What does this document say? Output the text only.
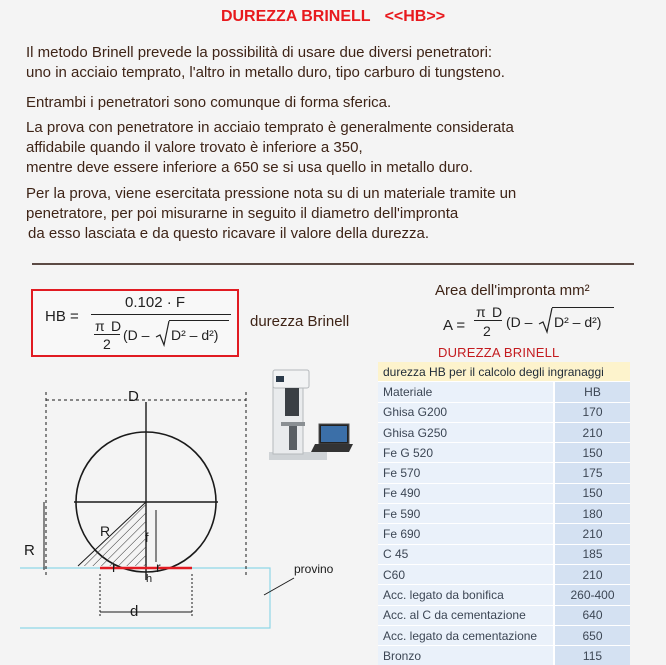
DUREZZA BRINELL <<HB>>
Il metodo Brinell prevede la possibilità di usare due diversi penetratori:
uno in acciaio temprato, l'altro in metallo duro, tipo carburo di tungsteno.
Entrambi i penetratori sono comunque di forma sferica.
La prova con penetratore in acciaio temprato è generalmente considerata
affidabile quando il valore trovato è inferiore a 350,
mentre deve essere inferiore a 650 se si usa quello in metallo duro.
Per la prova, viene esercitata pressione nota su di un materiale tramite un
penetratore, per poi misurarne in seguito il diametro dell'impronta
da esso lasciata e da questo ricavare il valore della durezza.
HB =
0.102 · F
π D
2
(D – D² – d²)
durezza Brinell
Area dell'impronta mm²
A =
π D
2
(D – D² – d²)
DUREZZA BRINELL
durezza HB per il calcolo degli ingranaggi	
Materiale	HB
Ghisa G200	170
Ghisa G250	210
Fe G 520	150
Fe 570	175
Fe 490	150
Fe 590	180
Fe 690	210
C 45	185
C60	210
Acc. legato da bonifica	260-400
Acc. al C da cementazione	640
Acc. legato da cementazione	650
Bronzo	115
D
R
f
R
r	r
h
d
provino
